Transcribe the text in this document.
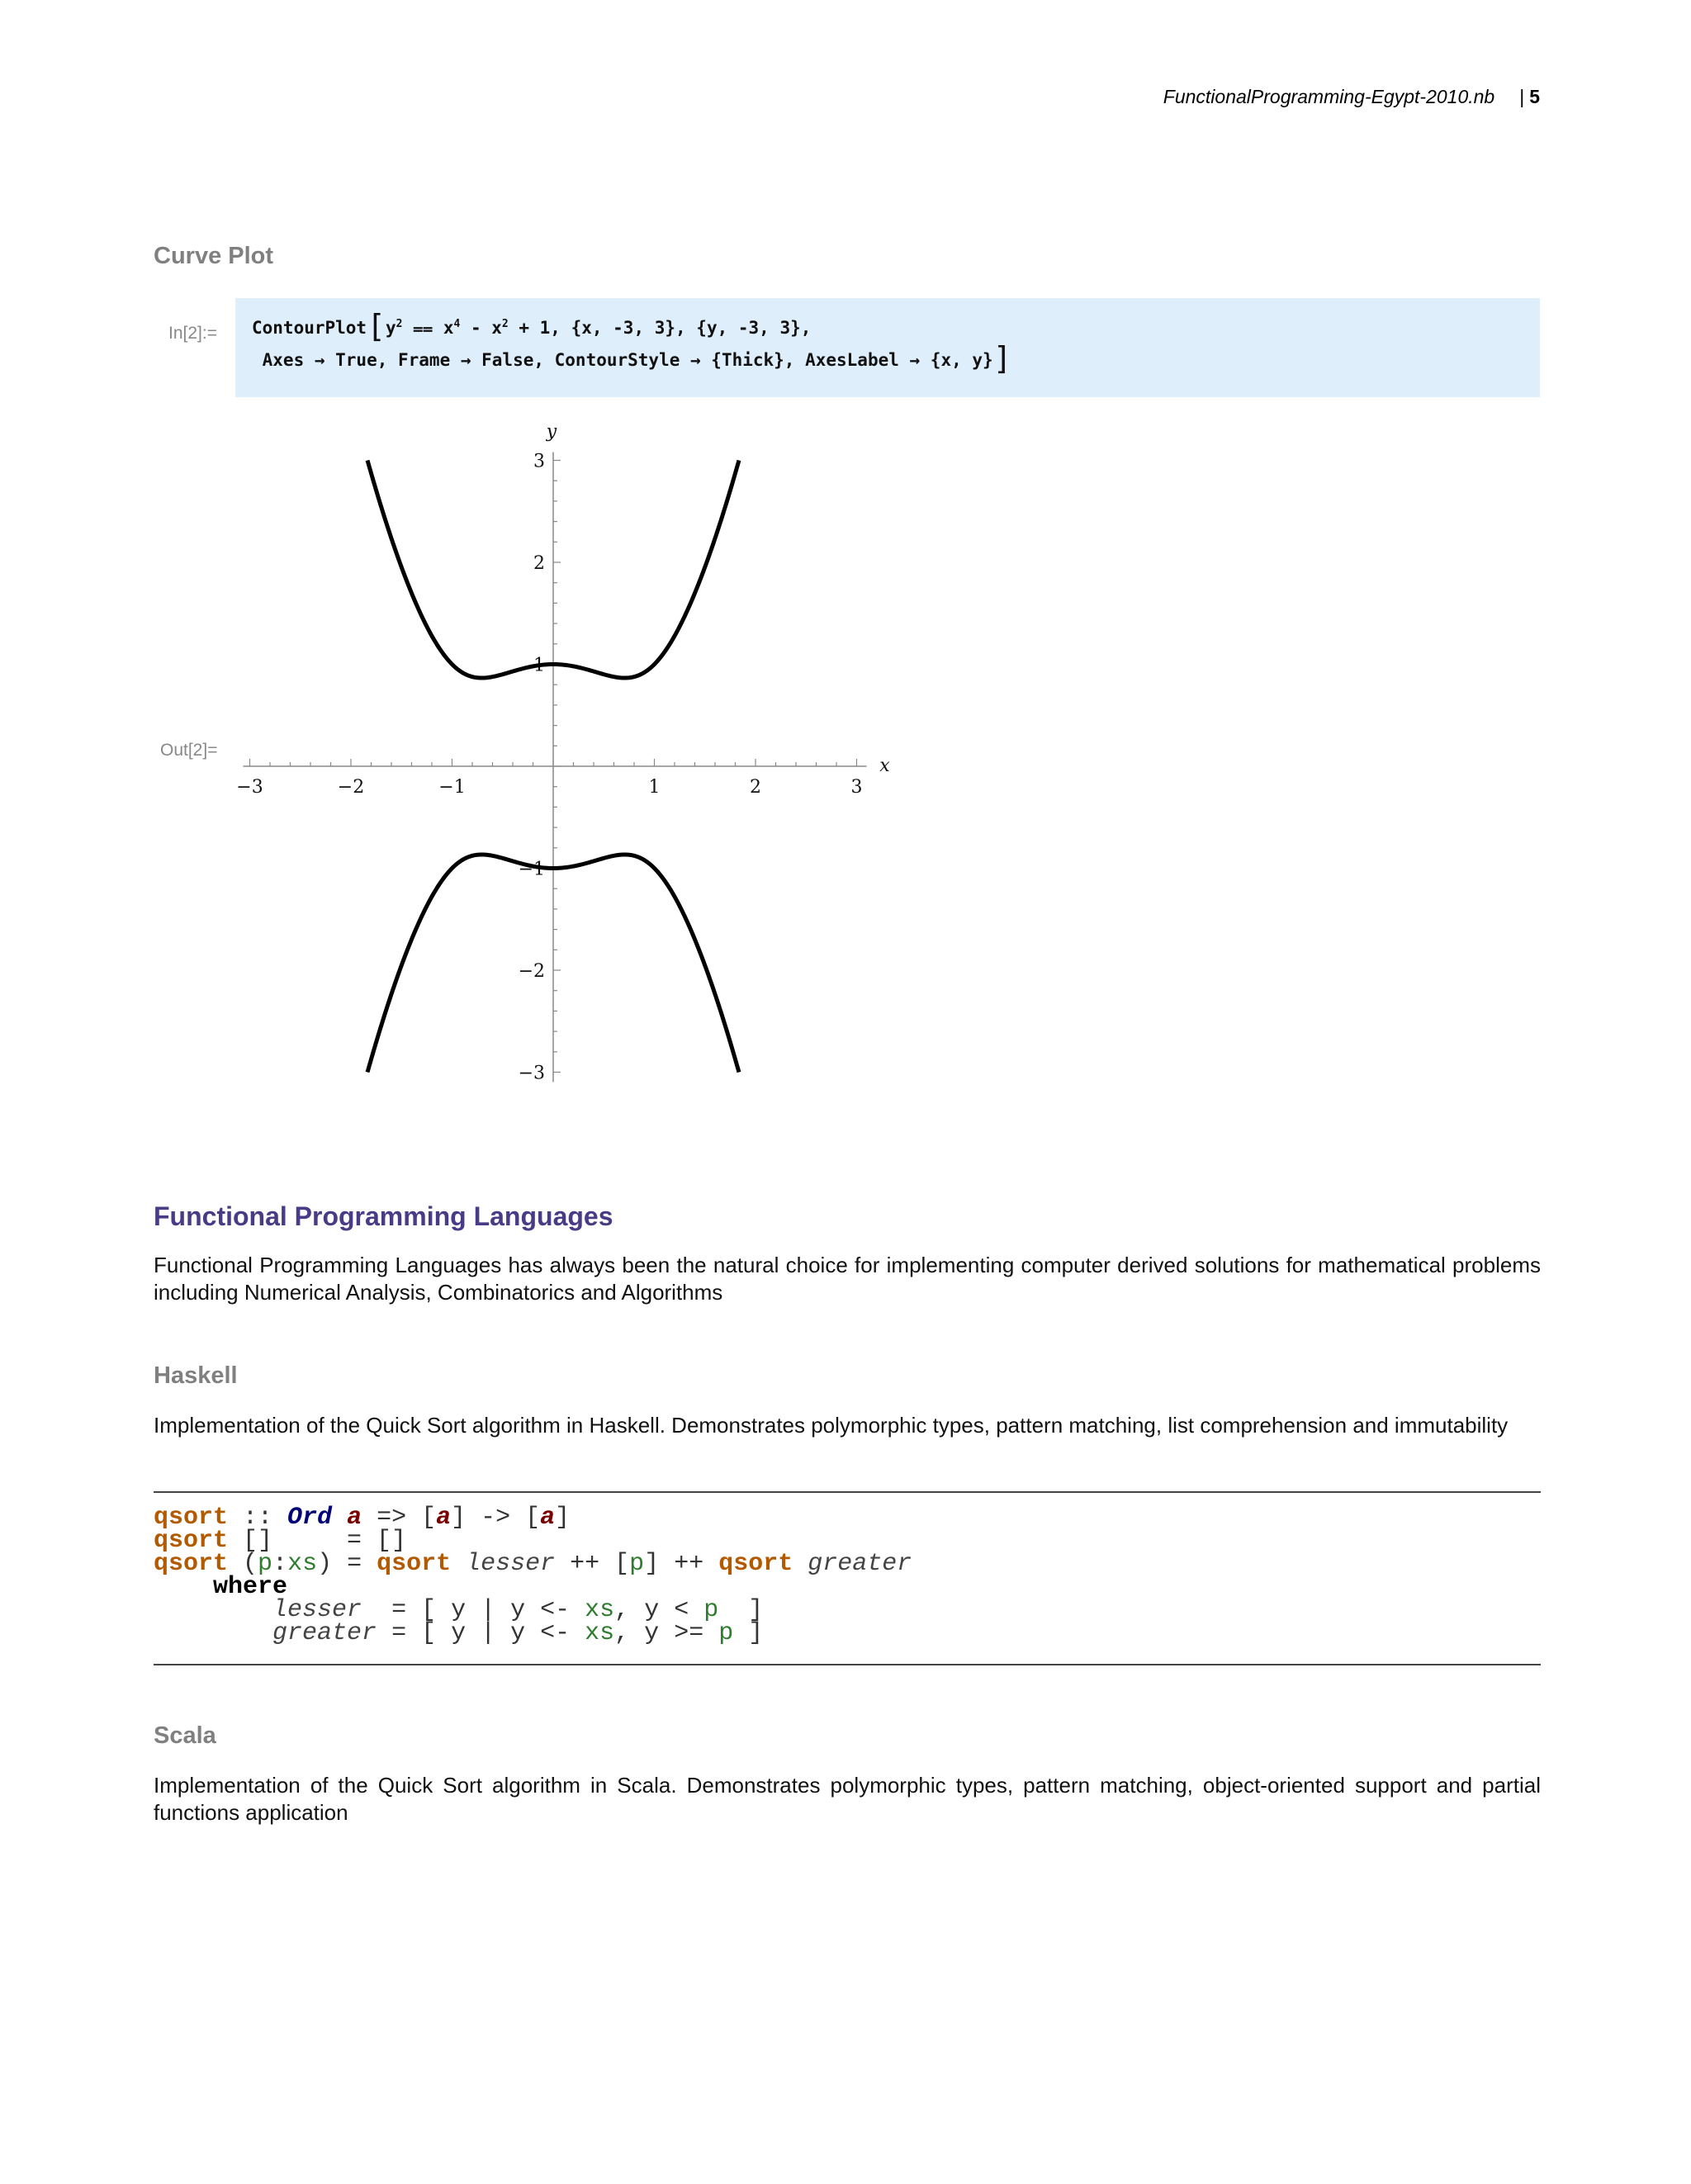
FunctionalProgramming-Egypt-2010.nb | 5
Curve Plot
In[2]:= $ContourPlot[y^2$ ⩵ $x^4 - x^2 + 1$, {x, -3, 3}, {y, -3, 3},
Axes → True, Frame → False, ContourStyle → {Thick}, AxesLabel → {x, y}]
Out[2]=
−3	−2	−1	1	2	3
3
2
1
−1
−2
−3
x
y
Functional Programming Languages
Functional Programming Languages has always been the natural choice for implementing computer derived solutions for mathematical problems including Numerical Analysis, Combinatorics and Algorithms
Haskell
Implementation of the Quick Sort algorithm in Haskell. Demonstrates polymorphic types, pattern matching, list comprehension and immutability
qsort :: Ord a => [a] -> [a]
qsort []     = []
qsort (p:xs) = qsort lesser ++ [p] ++ qsort greater
where
lesser  = [ y | y <- xs, y < p  ]
greater = [ y | y <- xs, y >= p ]
Scala
Implementation of the Quick Sort algorithm in Scala. Demonstrates polymorphic types, pattern matching, object-oriented support and partial functions application
